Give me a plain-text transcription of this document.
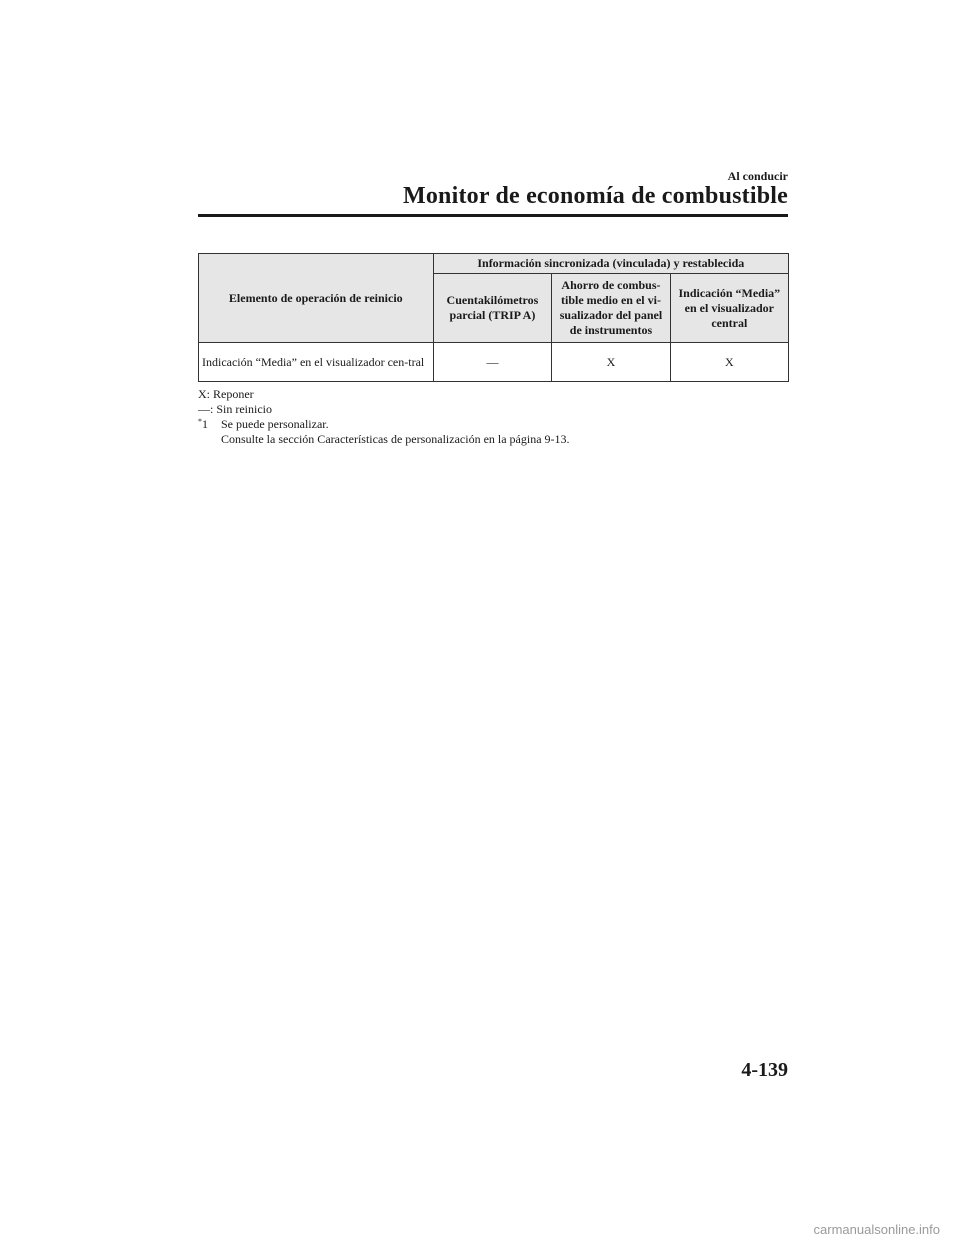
Al conducir
Monitor de economía de combustible
Elemento de operación de reinicio	Información sincronizada (vinculada) y restablecida		
	Cuentakilómetros parcial (TRIP A)	Ahorro de combus-tible medio en el vi-sualizador del panel de instrumentos	Indicación “Media” en el visualizador central
Indicación “Media” en el visualizador cen-tral	—	X	X
X: Reponer
—: Sin reinicio
*1 Se puede personalizar.
Consulte la sección Características de personalización en la página 9-13.
4-139
carmanualsonline.info
